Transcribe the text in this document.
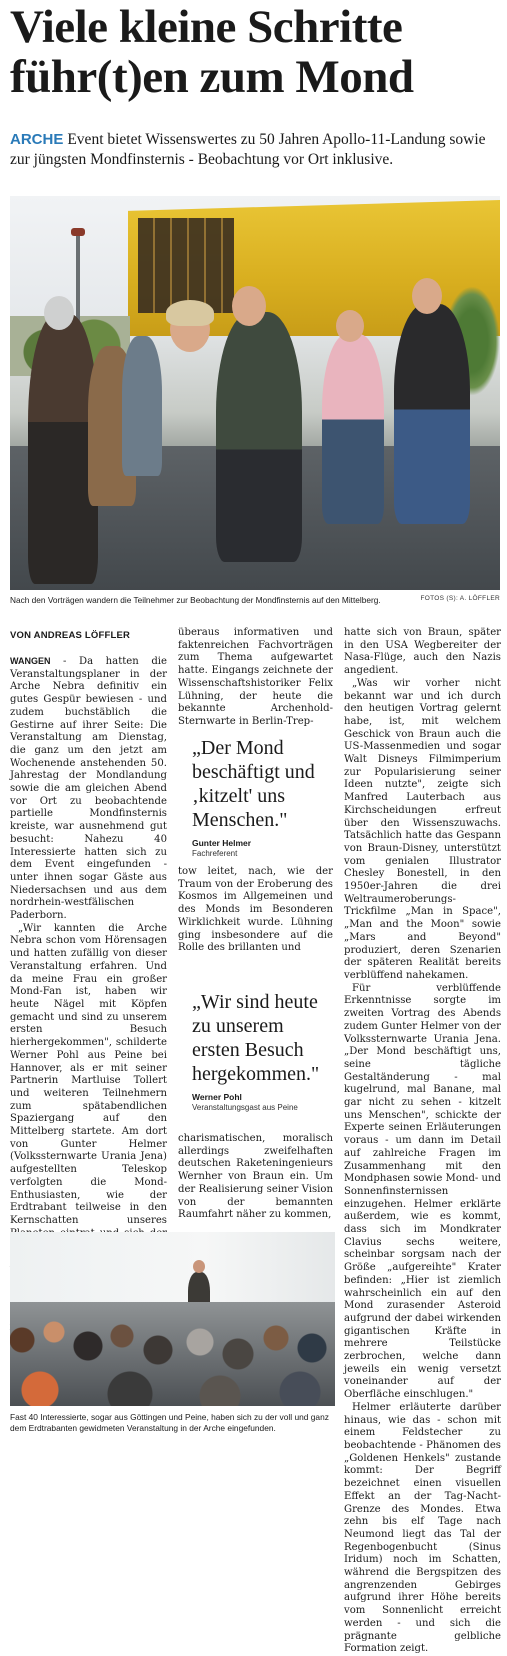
Viele kleine Schritte
führ(t)en zum Mond
ARCHE Event bietet Wissenswertes zu 50 Jahren Apollo-11-Landung sowie zur jüngsten Mondfinsternis - Beobachtung vor Ort inklusive.
Nach den Vorträgen wandern die Teilnehmer zur Beobachtung der Mondfinsternis auf den Mittelberg.	FOTOS (S): A. LÖFFLER
VON ANDREAS LÖFFLER

WANGEN - Da hatten die Veranstaltungsplaner in der Arche Nebra definitiv ein gutes Gespür bewiesen - und zudem buchstäblich die Gestirne auf ihrer Seite: Die Veranstaltung am Dienstag, die ganz um den jetzt am Wochenende anstehenden 50. Jahrestag der Mondlandung sowie die am gleichen Abend vor Ort zu beobachtende partielle Mondfinsternis kreiste, war ausnehmend gut besucht: Nahezu 40 Interessierte hatten sich zu dem Event eingefunden - unter ihnen sogar Gäste aus Niedersachsen und aus dem nordrhein-westfälischen Paderborn.

„Wir kannten die Arche Nebra schon vom Hörensagen und hatten zufällig von dieser Veranstaltung erfahren. Und da meine Frau ein großer Mond-Fan ist, haben wir heute Nägel mit Köpfen gemacht und sind zu unserem ersten Besuch hierhergekommen", schilderte Werner Pohl aus Peine bei Hannover, als er mit seiner Partnerin Martluise Tollert und weiteren Teilnehmern zum spätabendlichen Spaziergang auf den Mittelberg startete. Am dort von Gunter Helmer (Volkssternwarte Urania Jena) aufgestellten Teleskop verfolgten die Mond-Enthusiasten, wie der Erdtrabant teilweise in den Kernschatten unseres

überaus informativen und faktenreichen Fachvorträgen zum Thema aufgewartet hatte. Eingangs zeichnete der Wissenschaftshistoriker Felix Lühning, der heute die bekannte Archenhold-Sternwarte in Berlin-Trep-

„Der Mond beschäftigt und ‚kitzelt' uns Menschen."
Gunter Helmer
Fachreferent

tow leitet, nach, wie der Traum von der Eroberung des Kosmos im Allgemeinen und des Monds im Besonderen Wirklichkeit wurde. Lühning ging insbesondere auf die Rolle des brillanten und

„Wir sind heute zu unserem ersten Besuch hergekommen."
Werner Pohl
Veranstaltungsgast aus Peine

charismatischen, moralisch allerdings zweifelhaften deutschen Raketeningenieurs Wernher von Braun ein. Um der Realisierung seiner Vision von der bemannten Raumfahrt näher zu kommen,

hatte sich von Braun, später in den USA Wegbereiter der Nasa-Flüge, auch den Nazis angedient.

„Was wir vorher nicht bekannt war und ich durch den heutigen Vortrag gelernt habe, ist, mit welchem Geschick von Braun auch die US-Massenmedien und sogar Walt Disneys Filmimperium zur Popularisierung seiner Ideen nutzte", zeigte sich Manfred Lauterbach aus Kirchscheidungen erfreut über den Wissenszuwachs. Tatsächlich hatte das Gespann von Braun-Disney, unterstützt vom genialen Illustrator Chesley Bonestell, in den 1950er-Jahren die drei Weltraumeroberungs-Trickfilme „Man in Space", „Man and the Moon" sowie „Mars and Beyond" produziert, deren Szenarien der späteren Realität bereits verblüffend nahekamen.

Für verblüffende Erkenntnisse sorgte im zweiten Vortrag des Abends zudem Gunter Helmer von der Volkssternwarte Urania Jena. „Der Mond beschäftigt uns, seine tägliche Gestaltänderung - mal kugelrund, mal Banane, mal gar nicht zu sehen - kitzelt uns Menschen", schickte der Experte seinen Erläuterungen voraus - um dann im Detail auf zahlreiche Fragen im Zusammenhang mit den Mondphasen sowie Mond- und Sonnenfinsternissen einzugehen. Helmer erklärte außerdem, wie es kommt, dass sich im Mondkrater Clavius sechs weitere, scheinbar sorgsam nach der Größe „aufgereihte" Krater befinden: „Hier ist ziemlich wahrscheinlich ein auf den Mond zurasender Asteroid aufgrund der dabei wirkenden gigantischen Kräfte in mehrere Teilstücke zerbrochen, welche dann jeweils ein wenig versetzt voneinander auf der Oberfläche einschlugen."

Helmer erläuterte darüber hinaus, wie das - schon mit einem Feldstecher zu beobachtende - Phänomen des „Goldenen Henkels" zustande kommt: Der Begriff bezeichnet einen visuellen Effekt an der Tag-Nacht-Grenze des Mondes. Etwa zehn bis elf Tage nach Neumond liegt das Tal der Regenbogenbucht (Sinus Iridum) noch im Schatten, während die Bergspitzen des angrenzenden Gebirges aufgrund ihrer Höhe bereits vom Sonnenlicht erreicht werden - und sich die prägnante gelbliche Formation zeigt.

Fast 40 Interessierte, sogar aus Göttingen und Peine, haben sich zu der voll und ganz dem Erdtrabanten gewidmeten Veranstaltung in der Arche eingefunden.
